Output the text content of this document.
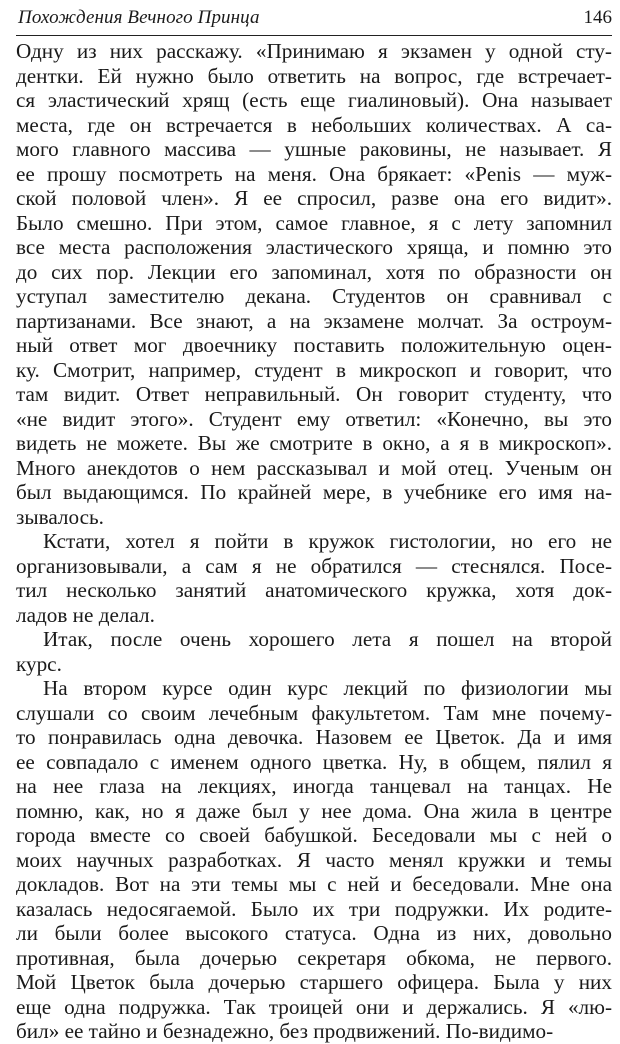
Похождения Вечного Принца	146
Одну из них расскажу. «Принимаю я экзамен у одной сту-
дентки. Ей нужно было ответить на вопрос, где встречает-
ся эластический хрящ (есть еще гиалиновый). Она называет
места, где он встречается в небольших количествах. А са-
мого главного массива — ушные раковины, не называет. Я
ее прошу посмотреть на меня. Она брякает: «Penis — муж-
ской половой член». Я ее спросил, разве она его видит».
Было смешно. При этом, самое главное, я с лету запомнил
все места расположения эластического хряща, и помню это
до сих пор. Лекции его запоминал, хотя по образности он
уступал заместителю декана. Студентов он сравнивал с
партизанами. Все знают, а на экзамене молчат. За остроум-
ный ответ мог двоечнику поставить положительную оцен-
ку. Смотрит, например, студент в микроскоп и говорит, что
там видит. Ответ неправильный. Он говорит студенту, что
«не видит этого». Студент ему ответил: «Конечно, вы это
видеть не можете. Вы же смотрите в окно, а я в микроскоп».
Много анекдотов о нем рассказывал и мой отец. Ученым он
был выдающимся. По крайней мере, в учебнике его имя на-
зывалось.
Кстати, хотел я пойти в кружок гистологии, но его не
организовывали, а сам я не обратился — стеснялся. Посе-
тил несколько занятий анатомического кружка, хотя док-
ладов не делал.
Итак, после очень хорошего лета я пошел на второй
курс.
На втором курсе один курс лекций по физиологии мы
слушали со своим лечебным факультетом. Там мне почему-
то понравилась одна девочка. Назовем ее Цветок. Да и имя
ее совпадало с именем одного цветка. Ну, в общем, пялил я
на нее глаза на лекциях, иногда танцевал на танцах. Не
помню, как, но я даже был у нее дома. Она жила в центре
города вместе со своей бабушкой. Беседовали мы с ней о
моих научных разработках. Я часто менял кружки и темы
докладов. Вот на эти темы мы с ней и беседовали. Мне она
казалась недосягаемой. Было их три подружки. Их родите-
ли были более высокого статуса. Одна из них, довольно
противная, была дочерью секретаря обкома, не первого.
Мой Цветок была дочерью старшего офицера. Была у них
еще одна подружка. Так троицей они и держались. Я «лю-
бил» ее тайно и безнадежно, без продвижений. По-видимо-
